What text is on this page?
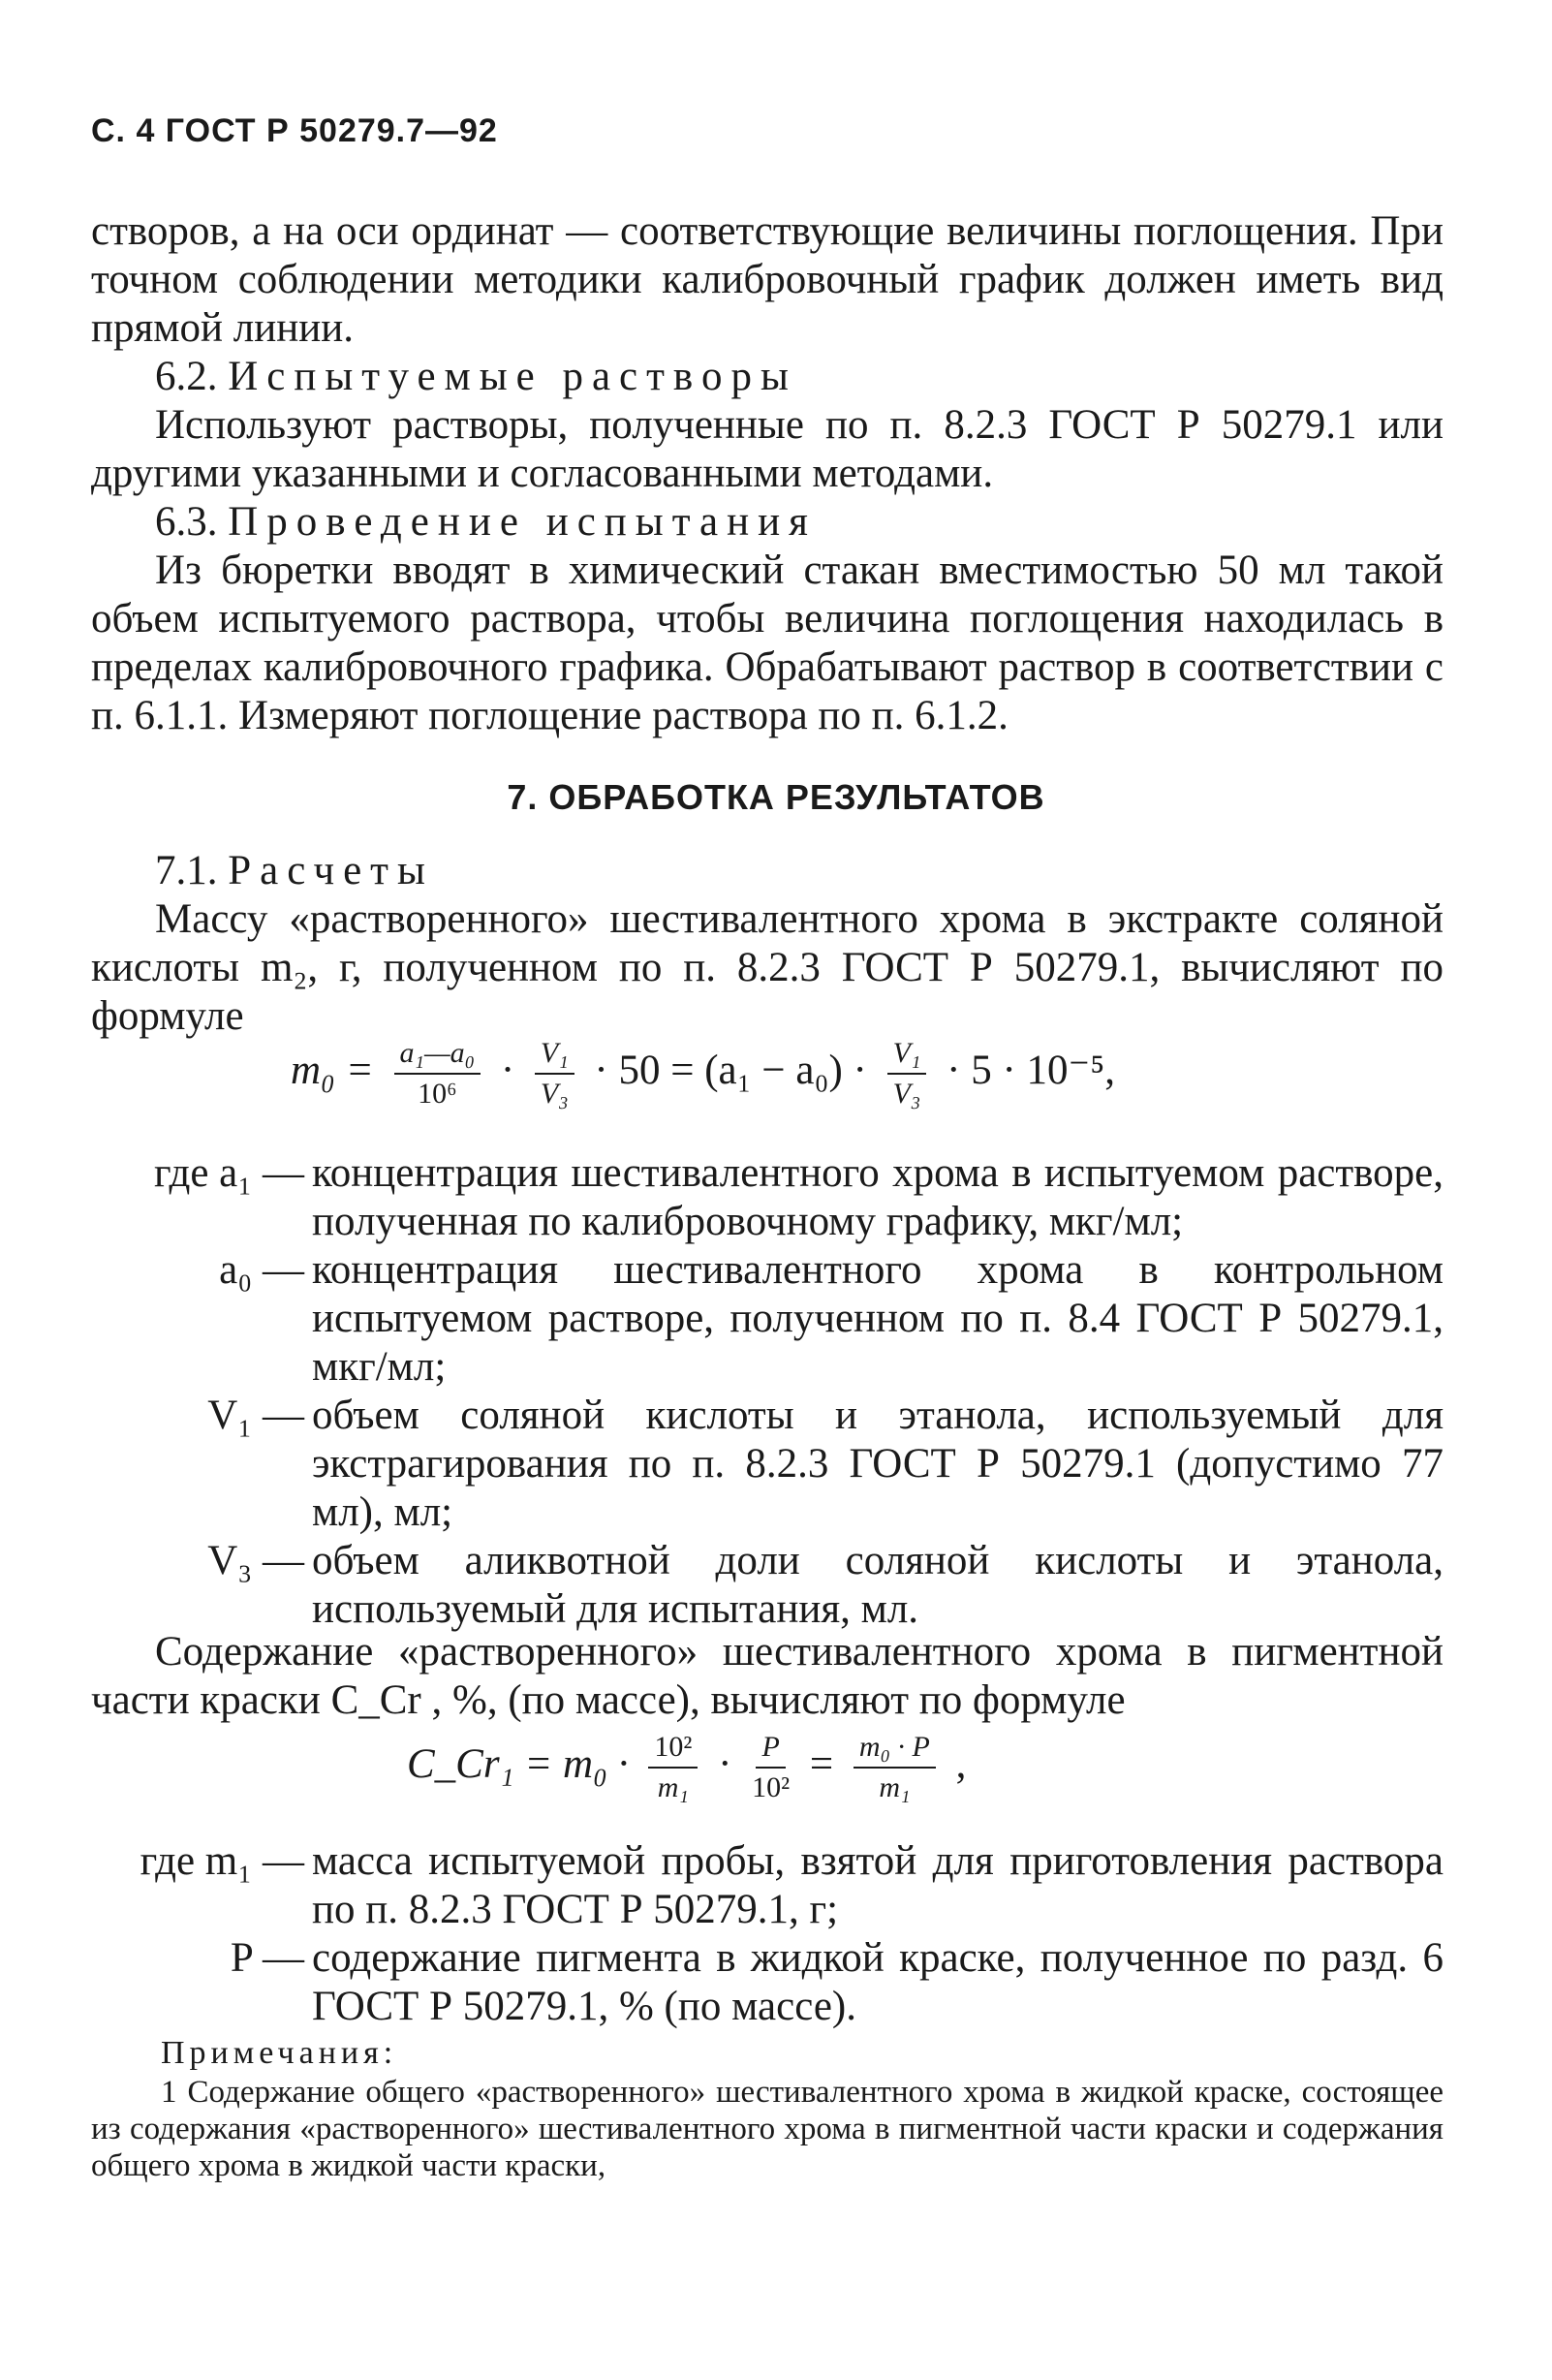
С. 4 ГОСТ Р 50279.7—92
створов, а на оси ординат — соответствующие величины поглощения. При точном соблюдении методики калибровочный график должен иметь вид прямой линии.
6.2. Испытуемые растворы
Используют растворы, полученные по п. 8.2.3 ГОСТ Р 50279.1 или другими указанными и согласованными методами.
6.3. Проведение испытания
Из бюретки вводят в химический стакан вместимостью 50 мл такой объем испытуемого раствора, чтобы величина поглощения находилась в пределах калибровочного графика. Обрабатывают раствор в соответствии с п. 6.1.1. Измеряют поглощение раствора по п. 6.1.2.
7. ОБРАБОТКА РЕЗУЛЬТАТОВ
7.1. Расчеты
Массу «растворенного» шестивалентного хрома в экстракте соляной кислоты m₂, г, полученном по п. 8.2.3 ГОСТ Р 50279.1, вычисляют по формуле
$m_0 = \frac{\text{a₁—a₀}}{\text{10⁶}} \cdot \frac{\text{V₁}}{\text{V₃}} \cdot 50 = (a_1 - a_0) \cdot \frac{\text{V₁}}{\text{V₃}} \cdot 5 \cdot 10^{-5}$,
где a₁ — концентрация шестивалентного хрома в испытуемом растворе, полученная по калибровочному графику, мкг/мл;
a₀ — концентрация шестивалентного хрома в контрольном испытуемом растворе, полученном по п. 8.4 ГОСТ Р 50279.1, мкг/мл;
V₁ — объем соляной кислоты и этанола, используемый для экстрагирования по п. 8.2.3 ГОСТ Р 50279.1 (допустимо 77 мл), мл;
V₃ — объем аликвотной доли соляной кислоты и этанола, используемый для испытания, мл.
Содержание «растворенного» шестивалентного хрома в пигментной части краски C_Cr , %, (по массе), вычисляют по формуле
C_Cr₁ = $m_0 \cdot \frac{\text{10²}}{\text{m₁}} \cdot \frac{P}{\text{10²}} = \frac{\text{m₀ · P}}{\text{m₁}}$ ,
где m₁ — масса испытуемой пробы, взятой для приготовления раствора по п. 8.2.3 ГОСТ Р 50279.1, г;
P — содержание пигмента в жидкой краске, полученное по разд. 6 ГОСТ Р 50279.1, % (по массе).
Примечания:
1 Содержание общего «растворенного» шестивалентного хрома в жидкой краске, состоящее из содержания «растворенного» шестивалентного хрома в пигментной части краски и содержания общего хрома в жидкой части краски,
